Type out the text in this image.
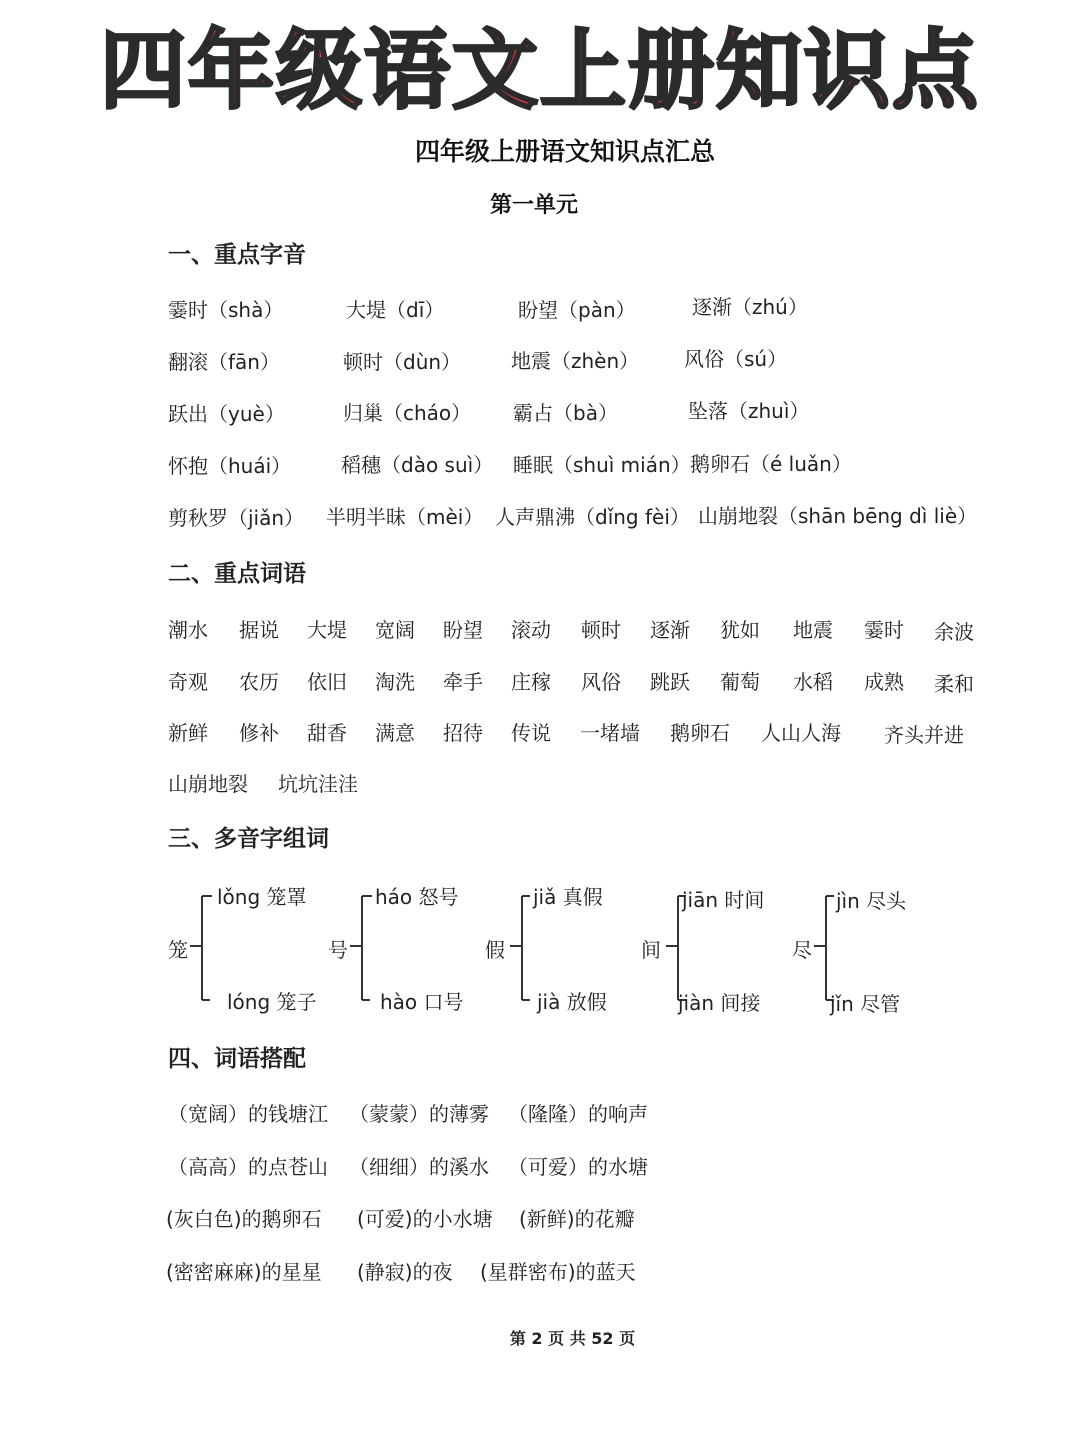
四年级语文上册知识点
四年级上册语文知识点汇总
第一单元
一、重点字音
二、重点词语
三、多音字组词
四、词语搭配
霎时（shà）	大堤（dī）	盼望（pàn）	逐渐（zhú）
翻滚（fān）	顿时（dùn） 地震（zhèn） 风俗（sú）
跃出（yuè）	归巢（cháo） 霸占（bà）	坠落（zhuì）
怀抱（huái） 稻穗（dào suì） 睡眠（shuì mián） 鹅卵石（é luǎn）
剪秋罗（jiǎn） 半明半昧（mèi） 人声鼎沸（dǐng fèi） 山崩地裂（shān bēng dì liè）
潮水 据说 大堤 宽阔 盼望 滚动 顿时 逐渐 犹如 地震 霎时 余波
奇观 农历 依旧 淘洗 牵手 庄稼 风俗 跳跃 葡萄 水稻 成熟 柔和
新鲜 修补 甜香 满意 招待 传说 一堵墙 鹅卵石 人山人海 齐头并进
山崩地裂 坑坑洼洼
笼
lǒng 笼罩
lóng 笼子
号
háo 怒号
hào 口号
假
jiǎ 真假
jià 放假
间
jiān 时间
jiàn 间接
尽
jìn 尽头
jǐn 尽管
（宽阔）的钱塘江 （蒙蒙）的薄雾 （隆隆）的响声
（高高）的点苍山 （细细）的溪水 （可爱）的水塘
(灰白色)的鹅卵石 (可爱)的小水塘 (新鲜)的花瓣
(密密麻麻)的星星 (静寂)的夜 (星群密布)的蓝天
第 2 页 共 52 页
